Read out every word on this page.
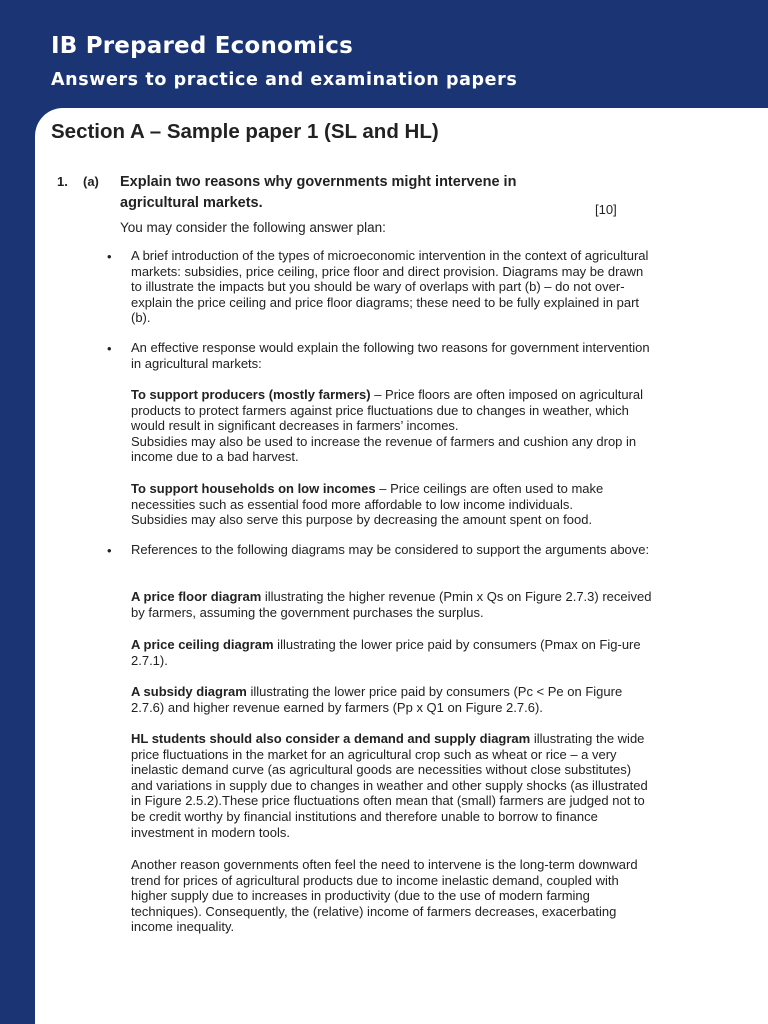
IB Prepared Economics
Answers to practice and examination papers
Section A – Sample paper 1 (SL and HL)
1. (a) Explain two reasons why governments might intervene in agricultural markets.	[10]
You may consider the following answer plan:
• A brief introduction of the types of microeconomic intervention in the context of agricultural markets: subsidies, price ceiling, price floor and direct provision. Diagrams may be drawn to illustrate the impacts but you should be wary of overlaps with part (b) – do not over-explain the price ceiling and price floor diagrams; these need to be fully explained in part (b).
• An effective response would explain the following two reasons for government intervention in agricultural markets:
To support producers (mostly farmers) – Price floors are often imposed on agricultural products to protect farmers against price fluctuations due to changes in weather, which would result in significant decreases in farmers’ incomes.
Subsidies may also be used to increase the revenue of farmers and cushion any drop in income due to a bad harvest.
To support households on low incomes – Price ceilings are often used to make necessities such as essential food more affordable to low income individuals.
Subsidies may also serve this purpose by decreasing the amount spent on food.
• References to the following diagrams may be considered to support the arguments above:
A price floor diagram illustrating the higher revenue (Pmin x Qs on Figure 2.7.3) received by farmers, assuming the government purchases the surplus.
A price ceiling diagram illustrating the lower price paid by consumers (Pmax on Fig-ure 2.7.1).
A subsidy diagram illustrating the lower price paid by consumers (Pc < Pe on Figure 2.7.6) and higher revenue earned by farmers (Pp x Q1 on Figure 2.7.6).
HL students should also consider a demand and supply diagram illustrating the wide price fluctuations in the market for an agricultural crop such as wheat or rice – a very inelastic demand curve (as agricultural goods are necessities without close substitutes) and variations in supply due to changes in weather and other supply shocks (as illustrated in Figure 2.5.2).These price fluctuations often mean that (small) farmers are judged not to be credit worthy by financial institutions and therefore unable to borrow to finance investment in modern tools.
Another reason governments often feel the need to intervene is the long-term downward trend for prices of agricultural products due to income inelastic demand, coupled with higher supply due to increases in productivity (due to the use of modern farming techniques). Consequently, the (relative) income of farmers decreases, exacerbating income inequality.
